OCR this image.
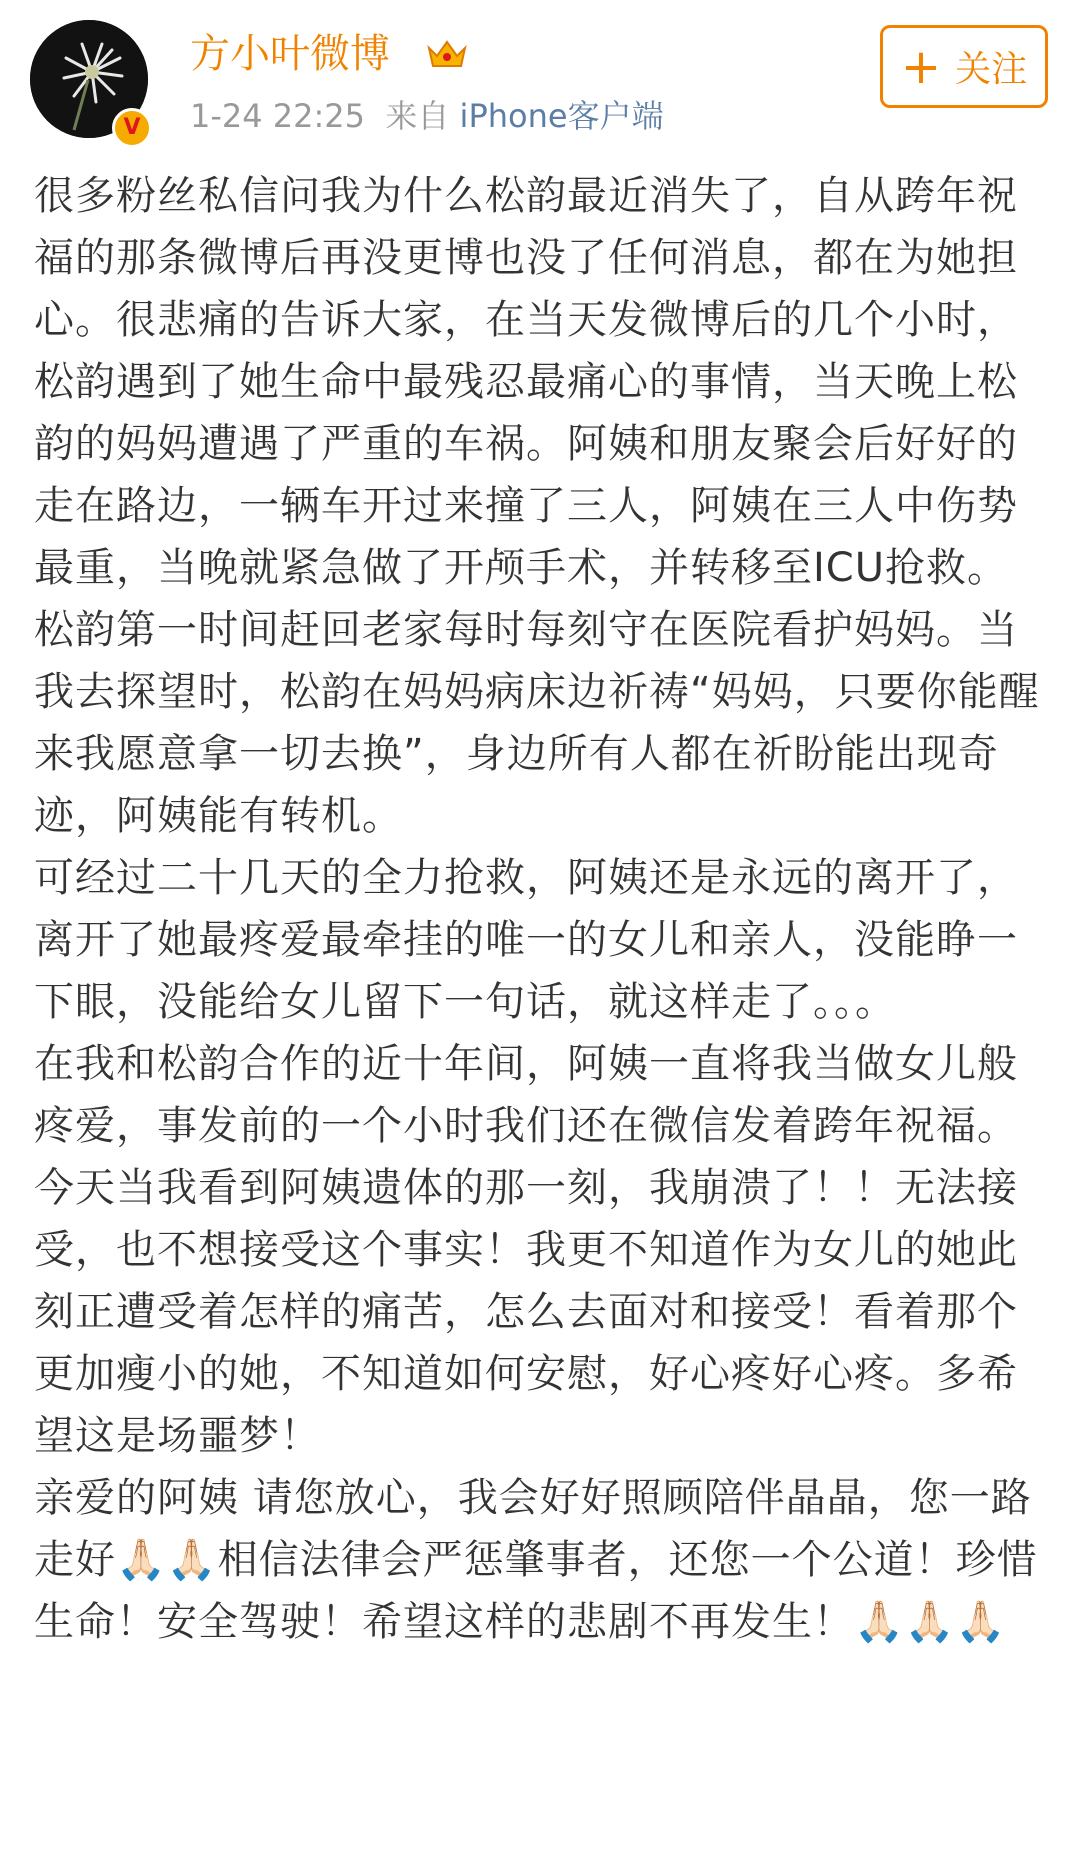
V
方小叶微博
1-24 22:25 来自 iPhone客户端
+ 关注

很多粉丝私信问我为什么松韵最近消失了，自从跨年祝福的那条微博后再没更博也没了任何消息，都在为她担心。很悲痛的告诉大家，在当天发微博后的几个小时，松韵遇到了她生命中最残忍最痛心的事情，当天晚上松韵的妈妈遭遇了严重的车祸。阿姨和朋友聚会后好好的走在路边，一辆车开过来撞了三人，阿姨在三人中伤势最重，当晚就紧急做了开颅手术，并转移至ICU抢救。松韵第一时间赶回老家每时每刻守在医院看护妈妈。当我去探望时，松韵在妈妈病床边祈祷“妈妈，只要你能醒来我愿意拿一切去换”，身边所有人都在祈盼能出现奇迹，阿姨能有转机。

可经过二十几天的全力抢救，阿姨还是永远的离开了，离开了她最疼爱最牵挂的唯一的女儿和亲人，没能睁一下眼，没能给女儿留下一句话，就这样走了。。。

在我和松韵合作的近十年间，阿姨一直将我当做女儿般疼爱，事发前的一个小时我们还在微信发着跨年祝福。今天当我看到阿姨遗体的那一刻，我崩溃了！！无法接受，也不想接受这个事实！我更不知道作为女儿的她此刻正遭受着怎样的痛苦，怎么去面对和接受！看着那个更加瘦小的她，不知道如何安慰，好心疼好心疼。多希望这是场噩梦！

亲爱的阿姨 请您放心，我会好好照顾陪伴晶晶，您一路走好🙏🏻🙏🏻相信法律会严惩肇事者，还您一个公道！珍惜生命！安全驾驶！希望这样的悲剧不再发生！🙏🏻🙏🏻🙏🏻
